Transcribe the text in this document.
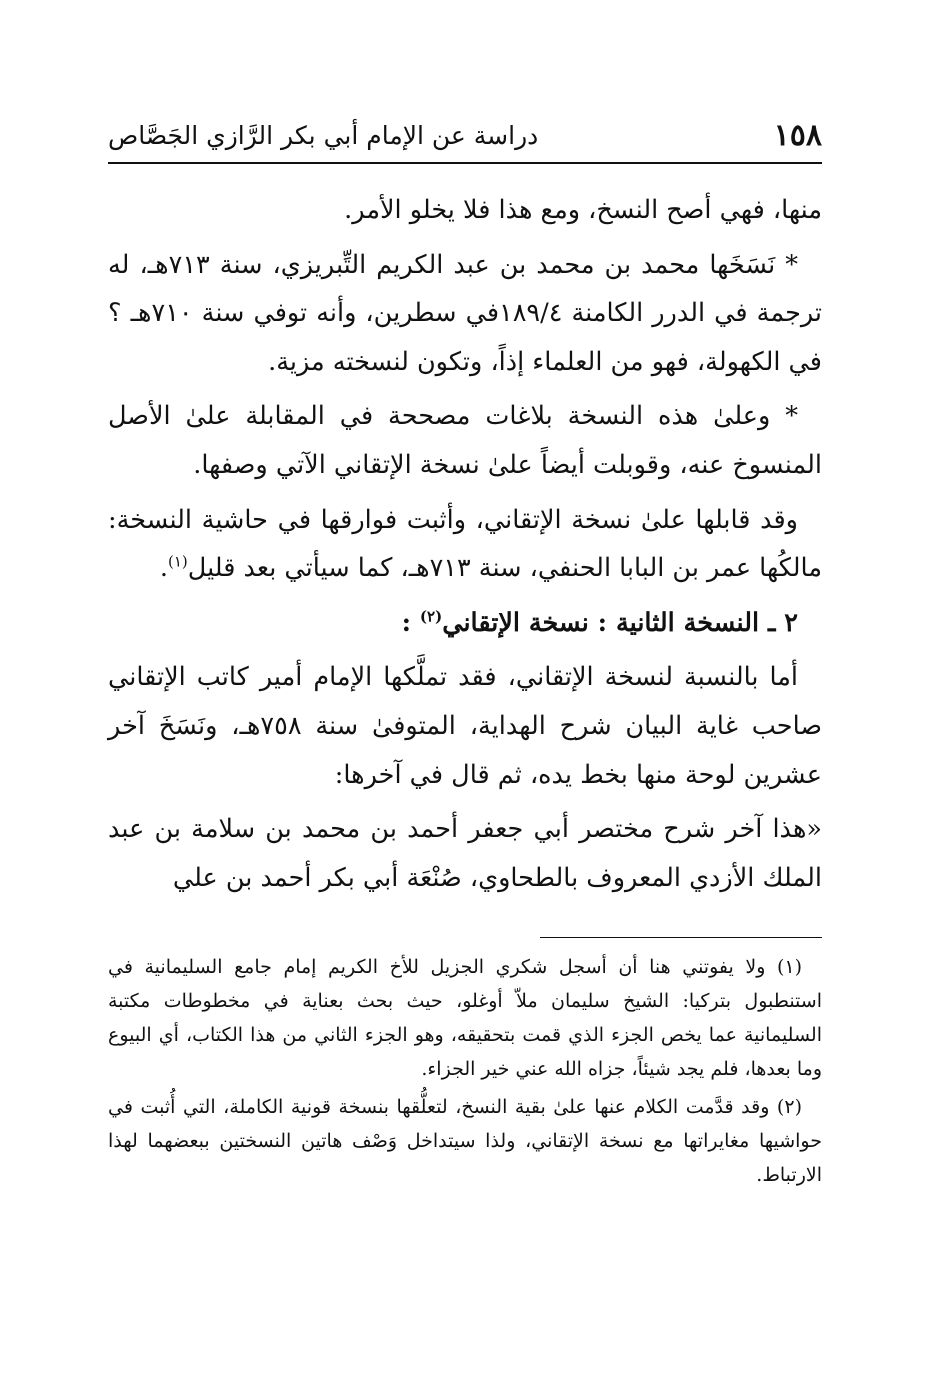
١٥٨
دراسة عن الإمام أبي بكر الرَّازي الجَصَّاص

منها، فهي أصح النسخ، ومع هذا فلا يخلو الأمر.

* نَسَخَها محمد بن محمد بن عبد الكريم التِّبريزي، سنة ٧١٣هـ، له ترجمة في الدرر الكامنة ١٨٩/٤في سطرين، وأنه توفي سنة ٧١٠هـ ؟ في الكهولة، فهو من العلماء إذاً، وتكون لنسخته مزية.

* وعلىٰ هذه النسخة بلاغات مصححة في المقابلة علىٰ الأصل المنسوخ عنه، وقوبلت أيضاً علىٰ نسخة الإتقاني الآتي وصفها.

وقد قابلها علىٰ نسخة الإتقاني، وأثبت فوارقها في حاشية النسخة: مالكُها عمر بن البابا الحنفي، سنة ٧١٣هـ، كما سيأتي بعد قليل$^{(١)}$.

٢ ـ النسخة الثانية : نسخة الإتقاني$^{(٢)}$ :

أما بالنسبة لنسخة الإتقاني، فقد تملَّكها الإمام أمير كاتب الإتقاني صاحب غاية البيان شرح الهداية، المتوفىٰ سنة ٧٥٨هـ، ونَسَخَ آخر عشرين لوحة منها بخط يده، ثم قال في آخرها:

«هذا آخر شرح مختصر أبي جعفر أحمد بن محمد بن سلامة بن عبد الملك الأزدي المعروف بالطحاوي، صُنْعَة أبي بكر أحمد بن علي

(١) ولا يفوتني هنا أن أسجل شكري الجزيل للأخ الكريم إمام جامع السليمانية في استنطبول بتركيا: الشيخ سليمان ملاّ أوغلو، حيث بحث بعناية في مخطوطات مكتبة السليمانية عما يخص الجزء الذي قمت بتحقيقه، وهو الجزء الثاني من هذا الكتاب، أي البيوع وما بعدها، فلم يجد شيئاً، جزاه الله عني خير الجزاء.

(٢) وقد قدَّمت الكلام عنها علىٰ بقية النسخ، لتعلُّقها بنسخة قونية الكاملة، التي أُثبت في حواشيها مغايراتها مع نسخة الإتقاني، ولذا سيتداخل وَصْف هاتين النسختين ببعضهما لهذا الارتباط.
